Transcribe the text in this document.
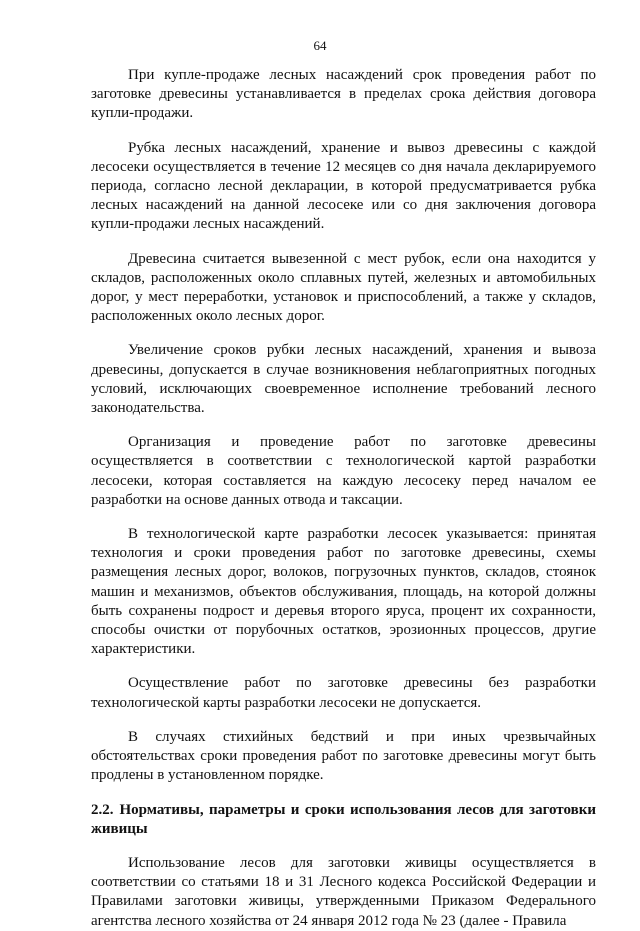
64

При купле-продаже лесных насаждений срок проведения работ по заготовке древесины устанавливается в пределах срока действия договора купли-продажи.

Рубка лесных насаждений, хранение и вывоз древесины с каждой лесосеки осуществляется в течение 12 месяцев со дня начала декларируемого периода, согласно лесной декларации, в которой предусматривается рубка лесных насаждений на данной лесосеке или со дня заключения договора купли-продажи лесных насаждений.

Древесина считается вывезенной с мест рубок, если она находится у складов, расположенных около сплавных путей, железных и автомобильных дорог, у мест переработки, установок и приспособлений, а также у складов, расположенных около лесных дорог.

Увеличение сроков рубки лесных насаждений, хранения и вывоза древесины, допускается в случае возникновения неблагоприятных погодных условий, исключающих своевременное исполнение требований лесного законодательства.

Организация и проведение работ по заготовке древесины осуществляется в соответствии с технологической картой разработки лесосеки, которая составляется на каждую лесосеку перед началом ее разработки на основе данных отвода и таксации.

В технологической карте разработки лесосек указывается: принятая технология и сроки проведения работ по заготовке древесины, схемы размещения лесных дорог, волоков, погрузочных пунктов, складов, стоянок машин и механизмов, объектов обслуживания, площадь, на которой должны быть сохранены подрост и деревья второго яруса, процент их сохранности, способы очистки от порубочных остатков, эрозионных процессов, другие характеристики.

Осуществление работ по заготовке древесины без разработки технологической карты разработки лесосеки не допускается.

В случаях стихийных бедствий и при иных чрезвычайных обстоятельствах сроки проведения работ по заготовке древесины могут быть продлены в установленном порядке.

2.2. Нормативы, параметры и сроки использования лесов для заготовки живицы

Использование лесов для заготовки живицы осуществляется в соответствии со статьями 18 и 31 Лесного кодекса Российской Федерации и Правилами заготовки живицы, утвержденными Приказом Федерального агентства лесного хозяйства от 24 января 2012 года № 23 (далее - Правила
